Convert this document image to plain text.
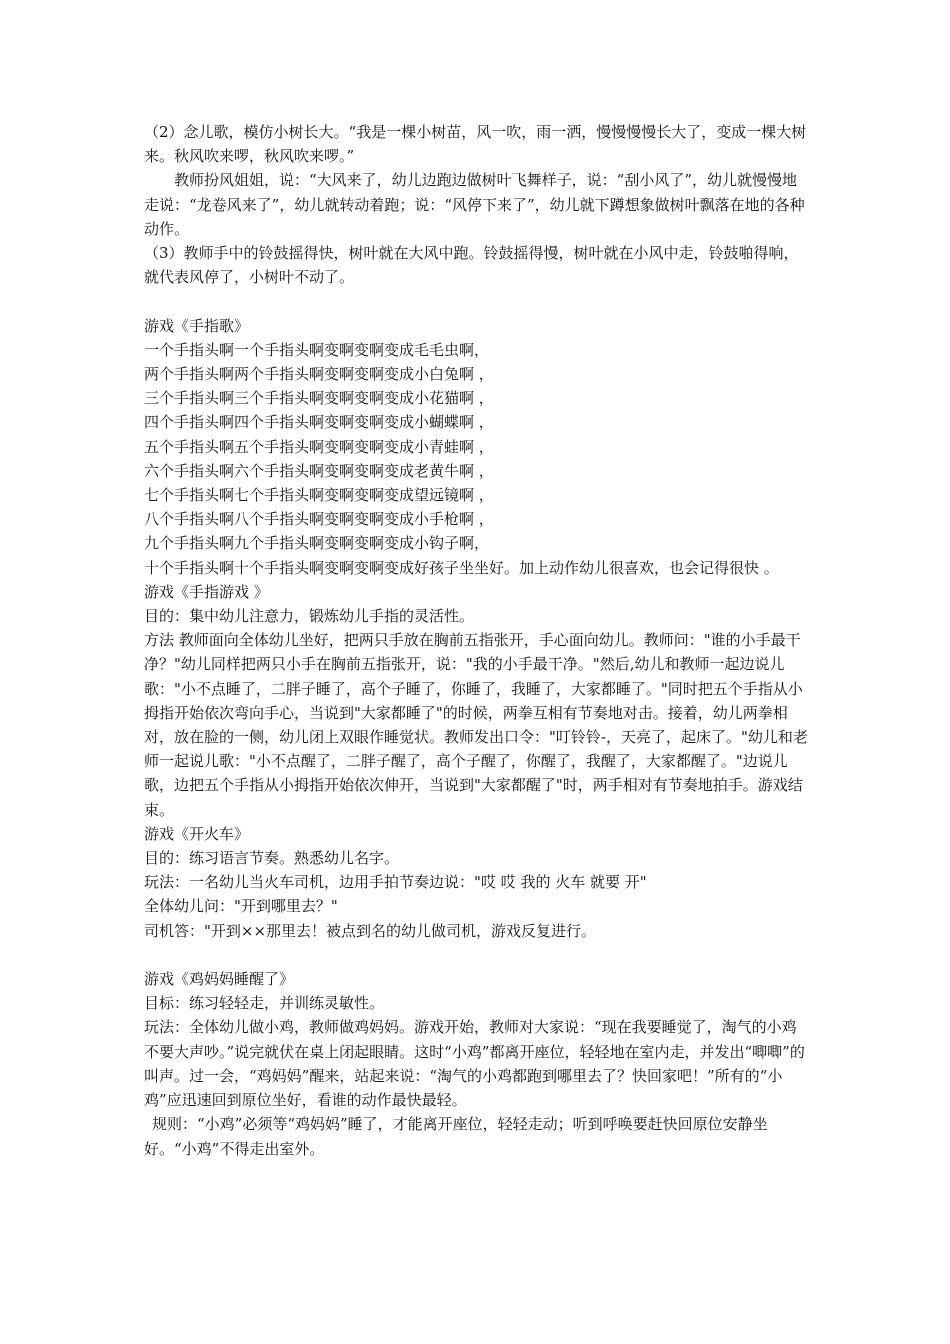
（2）念儿歌，模仿小树长大。“我是一棵小树苗，风一吹，雨一洒，慢慢慢慢长大了，变成一棵大树来。秋风吹来啰，秋风吹来啰。”

教师扮风姐姐，说：“大风来了，幼儿边跑边做树叶飞舞样子，说：“刮小风了”，幼儿就慢慢地走说：“龙卷风来了”，幼儿就转动着跑；说：“风停下来了”，幼儿就下蹲想象做树叶飘落在地的各种动作。

（3）教师手中的铃鼓摇得快，树叶就在大风中跑。铃鼓摇得慢，树叶就在小风中走，铃鼓啪得响，就代表风停了，小树叶不动了。

游戏《手指歌》

一个手指头啊一个手指头啊变啊变啊变成毛毛虫啊，

两个手指头啊两个手指头啊变啊变啊变成小白兔啊 ，

三个手指头啊三个手指头啊变啊变啊变成小花猫啊 ，

四个手指头啊四个手指头啊变啊变啊变成小蝴蝶啊 ，

五个手指头啊五个手指头啊变啊变啊变成小青蛙啊 ，

六个手指头啊六个手指头啊变啊变啊变成老黄牛啊 ，

七个手指头啊七个手指头啊变啊变啊变成望远镜啊 ，

八个手指头啊八个手指头啊变啊变啊变成小手枪啊 ，

九个手指头啊九个手指头啊变啊变啊变成小钩子啊，

十个手指头啊十个手指头啊变啊变啊变成好孩子坐坐好。加上动作幼儿很喜欢，也会记得很快 。

游戏《手指游戏 》

目的：集中幼儿注意力，锻炼幼儿手指的灵活性。

方法 教师面向全体幼儿坐好，把两只手放在胸前五指张开，手心面向幼儿。教师问："谁的小手最干净？"幼儿同样把两只小手在胸前五指张开，说："我的小手最干净。"然后,幼儿和教师一起边说儿歌："小不点睡了，二胖子睡了，高个子睡了，你睡了，我睡了，大家都睡了。"同时把五个手指从小拇指开始依次弯向手心，当说到"大家都睡了"的时候，两拳互相有节奏地对击。接着，幼儿两拳相对，放在脸的一侧，幼儿闭上双眼作睡觉状。教师发出口令："叮铃铃-，天亮了，起床了。"幼儿和老师一起说儿歌："小不点醒了，二胖子醒了，高个子醒了，你醒了，我醒了，大家都醒了。"边说儿歌，边把五个手指从小拇指开始依次伸开，当说到"大家都醒了"时，两手相对有节奏地拍手。游戏结束。

游戏《开火车》

目的：练习语言节奏。熟悉幼儿名字。

玩法：一名幼儿当火车司机，边用手拍节奏边说："哎 哎 我的 火车 就要 开"

全体幼儿问："开到哪里去？"

司机答："开到××那里去！被点到名的幼儿做司机，游戏反复进行。

游戏《鸡妈妈睡醒了》

目标：练习轻轻走，并训练灵敏性。

玩法：全体幼儿做小鸡，教师做鸡妈妈。游戏开始，教师对大家说：“现在我要睡觉了，淘气的小鸡不要大声吵。”说完就伏在桌上闭起眼睛。这时“小鸡”都离开座位，轻轻地在室内走，并发出“唧唧”的叫声。过一会，“鸡妈妈”醒来，站起来说：“淘气的小鸡都跑到哪里去了？快回家吧！”所有的“小鸡”应迅速回到原位坐好，看谁的动作最快最轻。

规则：“小鸡”必须等“鸡妈妈”睡了，才能离开座位，轻轻走动；听到呼唤要赶快回原位安静坐好。“小鸡”不得走出室外。
